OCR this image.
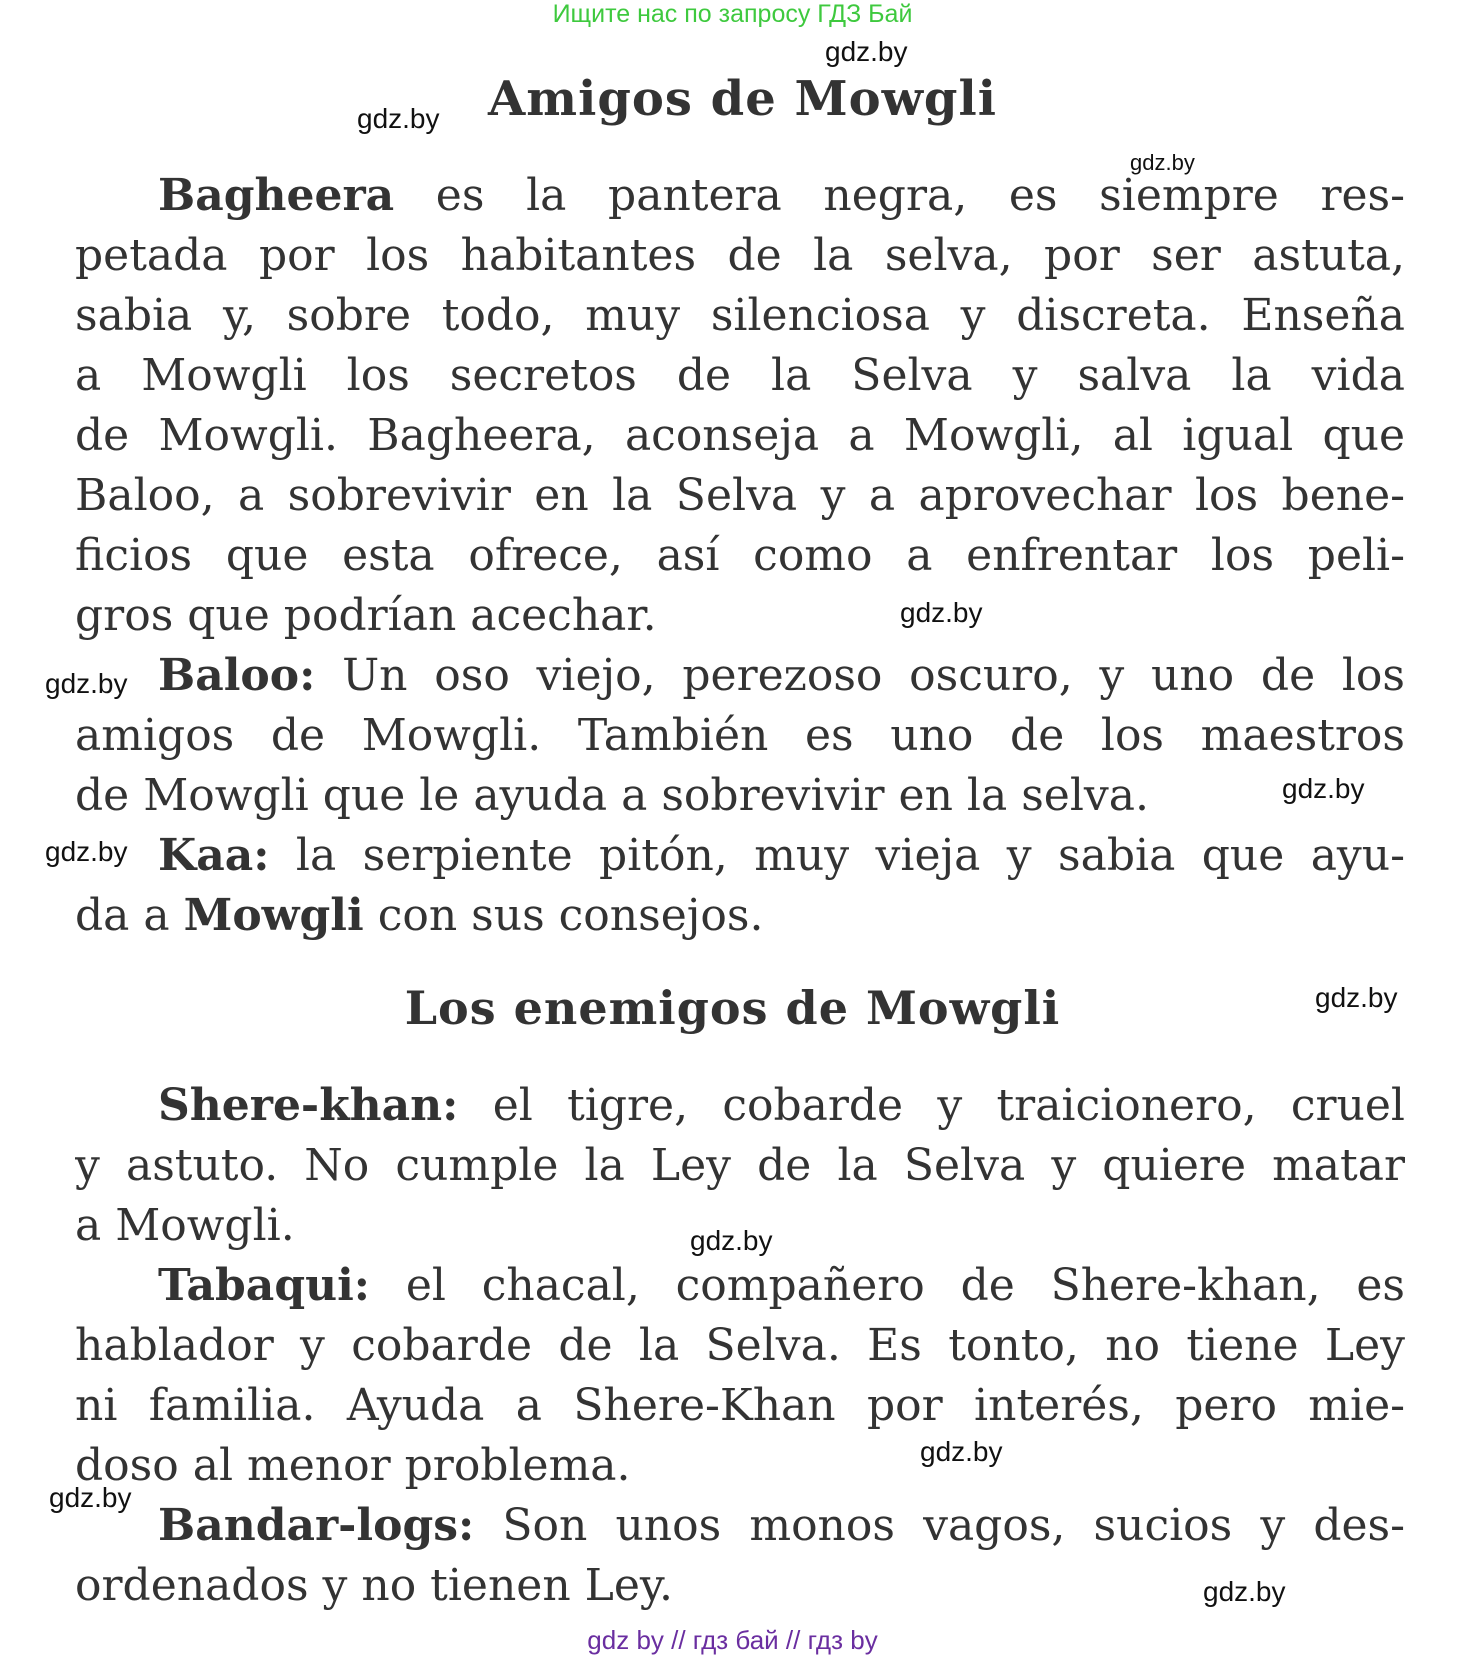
Ищите нас по запросу ГДЗ Бай
gdz.by
gdz.by
gdz.by
gdz.by
gdz.by
gdz.by
gdz.by
gdz.by
gdz.by
gdz.by
gdz.by
gdz.by
Amigos de Mowgli
Bagheera es la pantera negra, es siempre res-
petada por los habitantes de la selva, por ser astuta,
sabia y, sobre todo, muy silenciosa y discreta. Enseña
a Mowgli los secretos de la Selva y salva la vida
de Mowgli. Bagheera, aconseja a Mowgli, al igual que
Baloo, a sobrevivir en la Selva y a aprovechar los bene-
ficios que esta ofrece, así como a enfrentar los peli-
gros que podrían acechar.
Baloo: Un oso viejo, perezoso oscuro, y uno de los
amigos de Mowgli. También es uno de los maestros
de Mowgli que le ayuda a sobrevivir en la selva.
Kaa: la serpiente pitón, muy vieja y sabia que ayu-
da a Mowgli con sus consejos.
Los enemigos de Mowgli
Shere-khan: el tigre, cobarde y traicionero, cruel
y astuto. No cumple la Ley de la Selva y quiere matar
a Mowgli.
Tabaqui: el chacal, compañero de Shere-khan, es
hablador y cobarde de la Selva. Es tonto, no tiene Ley
ni familia. Ayuda a Shere-Khan por interés, pero mie-
doso al menor problema.
Bandar-logs: Son unos monos vagos, sucios y des-
ordenados y no tienen Ley.
gdz by // гдз бай // гдз by
